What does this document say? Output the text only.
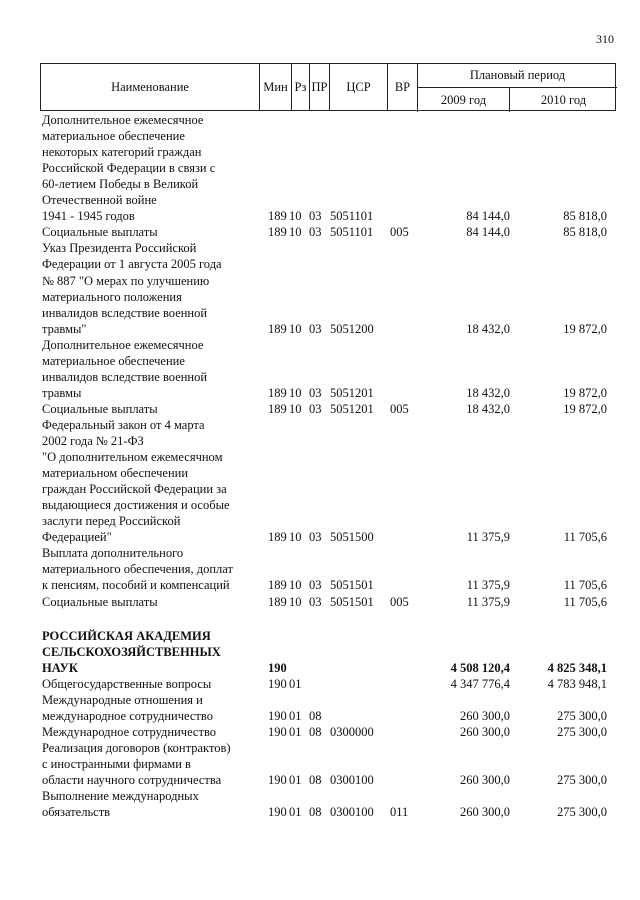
310
Наименование	Мин Рз ПР	ЦСР	ВР
Плановый период
2009 год	2010 год
Дополнительное ежемесячное
материальное обеспечение
некоторых категорий граждан
Российской Федерации в связи с
60-летием Победы в Великой
Отечественной войне
1941 - 1945 годов	189 10 03 5051101	84 144,0	85 818,0
Социальные выплаты	189 10 03 5051101 005	84 144,0	85 818,0
Указ Президента Российской
Федерации от 1 августа 2005 года
№ 887 "О мерах по улучшению
материального положения
инвалидов вследствие военной
травмы"	189 10 03 5051200	18 432,0	19 872,0
Дополнительное ежемесячное
материальное обеспечение
инвалидов вследствие военной
травмы	189 10 03 5051201	18 432,0	19 872,0
Социальные выплаты	189 10 03 5051201 005	18 432,0	19 872,0
Федеральный закон от 4 марта
2002 года № 21-ФЗ
"О дополнительном ежемесячном
материальном обеспечении
граждан Российской Федерации за
выдающиеся достижения и особые
заслуги перед Российской
Федерацией"	189 10 03 5051500	11 375,9	11 705,6
Выплата дополнительного
материального обеспечения, доплат
к пенсиям, пособий и компенсаций	189 10 03 5051501	11 375,9	11 705,6
Социальные выплаты	189 10 03 5051501 005	11 375,9	11 705,6
РОССИЙСКАЯ АКАДЕМИЯ
СЕЛЬСКОХОЗЯЙСТВЕННЫХ
НАУК	190	4 508 120,4	4 825 348,1
Общегосударственные вопросы	190 01	4 347 776,4	4 783 948,1
Международные отношения и
международное сотрудничество	190 01 08	260 300,0	275 300,0
Международное сотрудничество	190 01 08 0300000	260 300,0	275 300,0
Реализация договоров (контрактов)
с иностранными фирмами в
области научного сотрудничества	190 01 08 0300100	260 300,0	275 300,0
Выполнение международных
обязательств	190 01 08 0300100 011	260 300,0	275 300,0
